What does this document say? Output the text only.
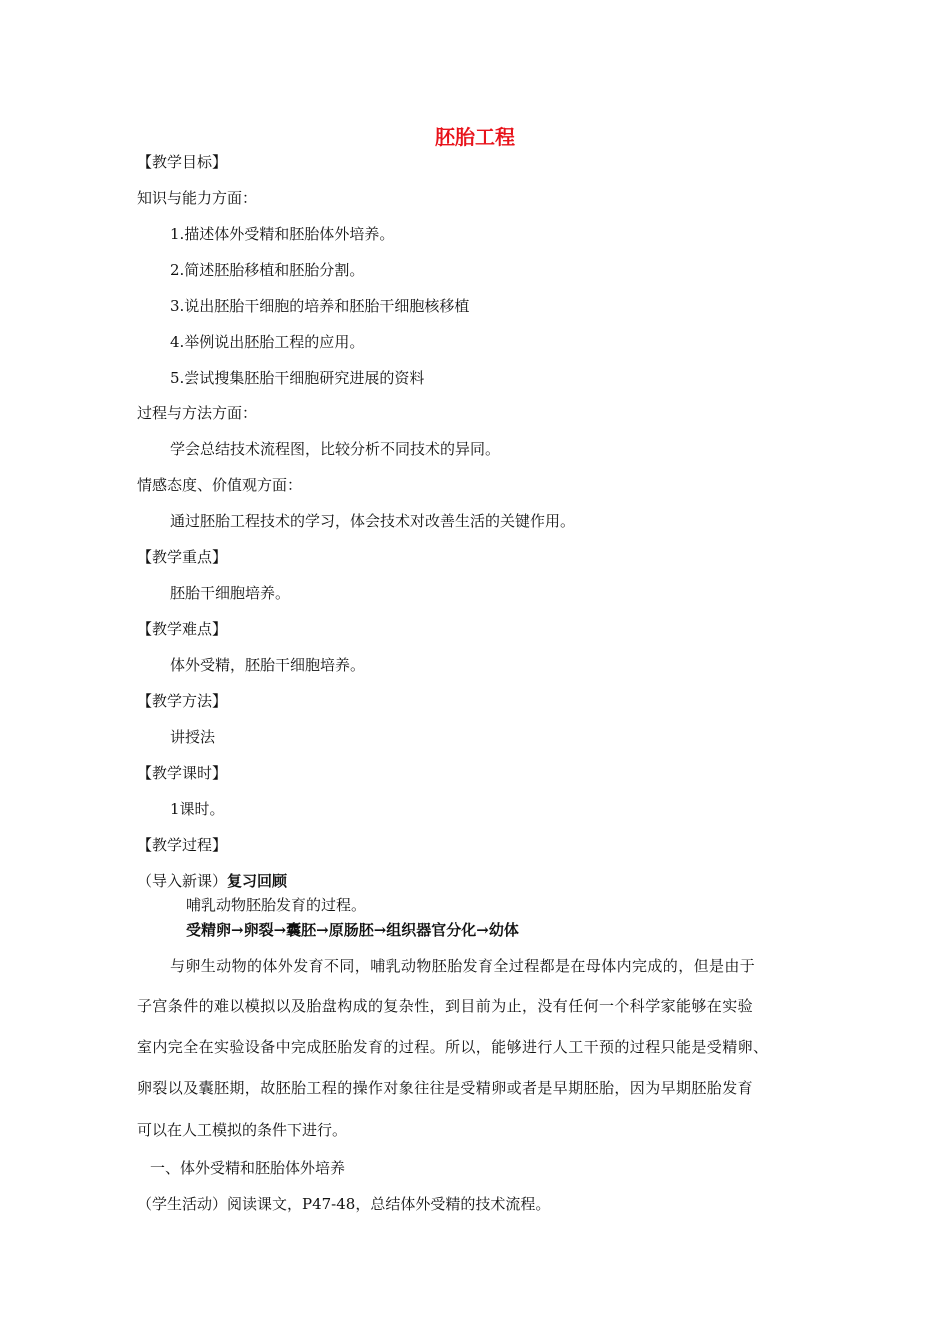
胚胎工程
【教学目标】
知识与能力方面：
1.描述体外受精和胚胎体外培养。
2.简述胚胎移植和胚胎分割。
3.说出胚胎干细胞的培养和胚胎干细胞核移植
4.举例说出胚胎工程的应用。
5.尝试搜集胚胎干细胞研究进展的资料
过程与方法方面：
学会总结技术流程图，比较分析不同技术的异同。
情感态度、价值观方面：
通过胚胎工程技术的学习，体会技术对改善生活的关键作用。
【教学重点】
胚胎干细胞培养。
【教学难点】
体外受精，胚胎干细胞培养。
【教学方法】
讲授法
【教学课时】
1课时。
【教学过程】
（导入新课）复习回顾
哺乳动物胚胎发育的过程。
受精卵→卵裂→囊胚→原肠胚→组织器官分化→幼体
与卵生动物的体外发育不同，哺乳动物胚胎发育全过程都是在母体内完成的，但是由于
子宫条件的难以模拟以及胎盘构成的复杂性，到目前为止，没有任何一个科学家能够在实验
室内完全在实验设备中完成胚胎发育的过程。所以，能够进行人工干预的过程只能是受精卵、
卵裂以及囊胚期，故胚胎工程的操作对象往往是受精卵或者是早期胚胎，因为早期胚胎发育
可以在人工模拟的条件下进行。
一、体外受精和胚胎体外培养
（学生活动）阅读课文，P47-48，总结体外受精的技术流程。
